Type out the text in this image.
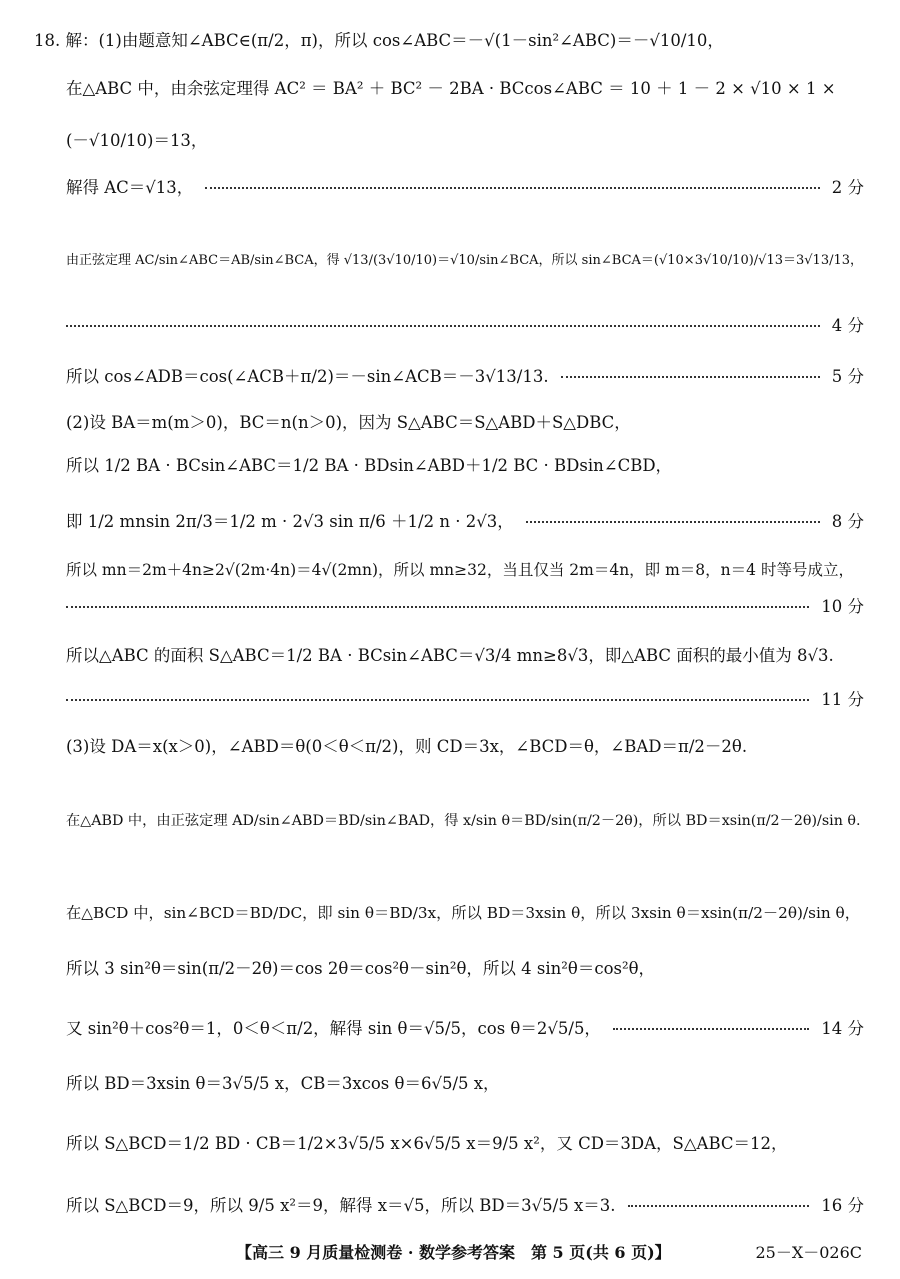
18. 解：(1)由题意知∠ABC∈(π/2，π)，所以 cos∠ABC＝－√(1－sin²∠ABC)＝－√10/10，
在△ABC 中，由余弦定理得 AC² ＝ BA² ＋ BC² － 2BA · BCcos∠ABC ＝ 10 ＋ 1 － 2 × √10 × 1 ×
(－√10/10)＝13，
解得 AC＝√13，	2 分
由正弦定理 AC/sin∠ABC＝AB/sin∠BCA，得 √13/(3√10/10)＝√10/sin∠BCA，所以 sin∠BCA＝(√10×3√10/10)/√13＝3√13/13，
4 分
所以 cos∠ADB＝cos(∠ACB＋π/2)＝－sin∠ACB＝－3√13/13.	5 分
(2)设 BA＝m(m＞0)，BC＝n(n＞0)，因为 S△ABC＝S△ABD＋S△DBC，
所以 1/2 BA · BCsin∠ABC＝1/2 BA · BDsin∠ABD＋1/2 BC · BDsin∠CBD，
即 1/2 mnsin 2π/3＝1/2 m · 2√3 sin π/6 ＋1/2 n · 2√3，	8 分
所以 mn＝2m＋4n≥2√(2m·4n)＝4√(2mn)，所以 mn≥32，当且仅当 2m＝4n，即 m＝8，n＝4 时等号成立，
10 分
所以△ABC 的面积 S△ABC＝1/2 BA · BCsin∠ABC＝√3/4 mn≥8√3，即△ABC 面积的最小值为 8√3.
11 分
(3)设 DA＝x(x＞0)，∠ABD＝θ(0＜θ＜π/2)，则 CD＝3x，∠BCD＝θ，∠BAD＝π/2－2θ.
在△ABD 中，由正弦定理 AD/sin∠ABD＝BD/sin∠BAD，得 x/sin θ＝BD/sin(π/2－2θ)，所以 BD＝xsin(π/2－2θ)/sin θ.
在△BCD 中，sin∠BCD＝BD/DC，即 sin θ＝BD/3x，所以 BD＝3xsin θ，所以 3xsin θ＝xsin(π/2－2θ)/sin θ，
所以 3 sin²θ＝sin(π/2－2θ)＝cos 2θ＝cos²θ－sin²θ，所以 4 sin²θ＝cos²θ，
又 sin²θ＋cos²θ＝1，0＜θ＜π/2，解得 sin θ＝√5/5，cos θ＝2√5/5，	14 分
所以 BD＝3xsin θ＝3√5/5 x，CB＝3xcos θ＝6√5/5 x，
所以 S△BCD＝1/2 BD · CB＝1/2×3√5/5 x×6√5/5 x＝9/5 x²，又 CD＝3DA，S△ABC＝12，
所以 S△BCD＝9，所以 9/5 x²＝9，解得 x＝√5，所以 BD＝3√5/5 x＝3.	16 分
【高三 9 月质量检测卷 · 数学参考答案　第 5 页(共 6 页)】	25－X－026C
